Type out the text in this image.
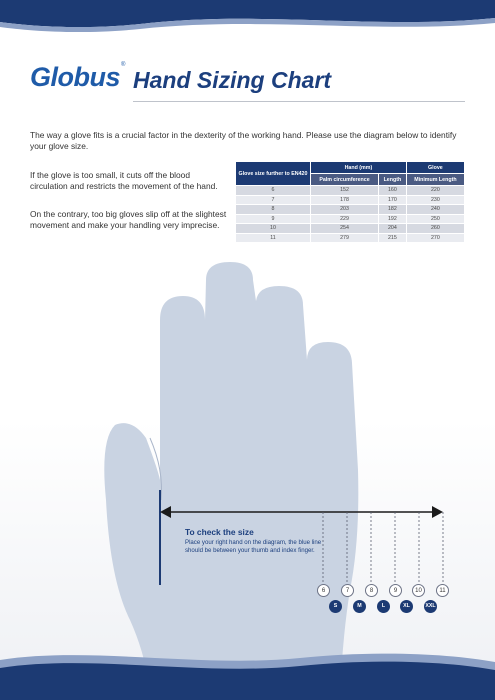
Globus ®
Hand Sizing Chart
The way a glove fits is a crucial factor in the dexterity of the working hand. Please use the diagram below to identify your glove size.
If the glove is too small, it cuts off the blood circulation and restricts the movement of the hand.
On the contrary, too big gloves slip off at the slightest movement and make your handling very imprecise.
Glove size further to EN420	Hand (mm)		Glove
	Palm circumference	Length	Minimum Length
6	152	160	220
7	178	170	230
8	203	182	240
9	229	192	250
10	254	204	260
11	279	215	270
To check the size
Place your right hand on the diagram, the blue line should be between your thumb and index finger.
6	7	8	9	10	11
S	M	L	XL	XXL
